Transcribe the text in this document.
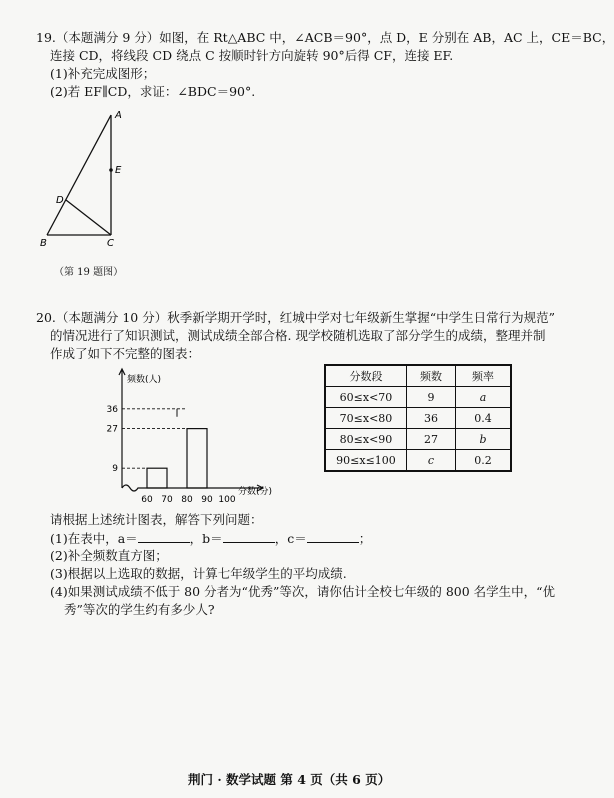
19.（本题满分 9 分）如图，在 Rt△ABC 中，∠ACB＝90°，点 D，E 分别在 AB，AC 上，CE＝BC，
连接 CD，将线段 CD 绕点 C 按顺时针方向旋转 90°后得 CF，连接 EF.
(1)补充完成图形；
(2)若 EF∥CD，求证：∠BDC＝90°.
A
E
D
B	C
（第 19 题图）
20.（本题满分 10 分）秋季新学期开学时，红城中学对七年级新生掌握“中学生日常行为规范”
的情况进行了知识测试，测试成绩全部合格. 现学校随机选取了部分学生的成绩，整理并制
作成了如下不完整的图表：
频数(人)
分数(分)
9
27
36
60 70 80 90 100
分数段	频数	频率
60≤x<70	9	a
70≤x<80	36	0.4
80≤x<90	27	b
90≤x≤100	c	0.2
请根据上述统计图表，解答下列问题：
(1)在表中，a＝	，b＝	，c＝	；
(2)补全频数直方图；
(3)根据以上选取的数据，计算七年级学生的平均成绩.
(4)如果测试成绩不低于 80 分者为“优秀”等次，请你估计全校七年级的 800 名学生中，“优
秀”等次的学生约有多少人?
荆门 · 数学试题 第 4 页（共 6 页）
